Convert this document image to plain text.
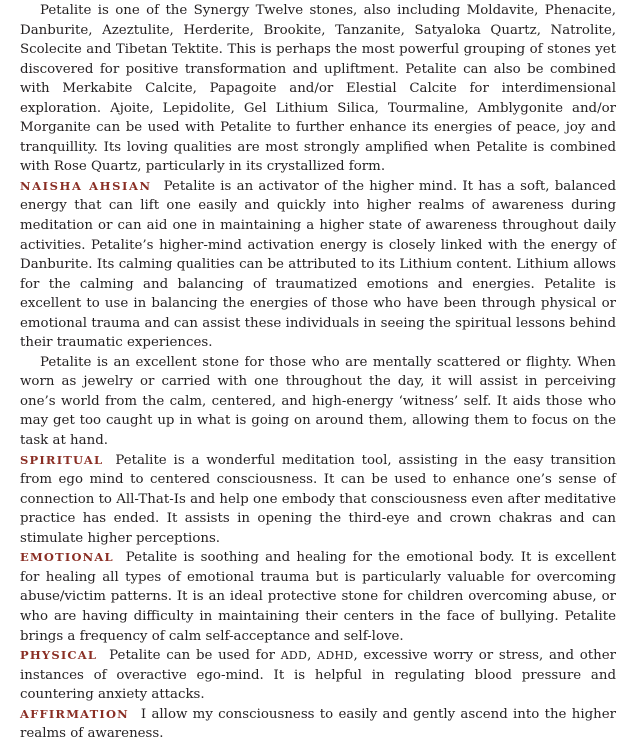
Petalite is one of the Synergy Twelve stones, also including Moldavite, Phenacite, Danburite, Azeztulite, Herderite, Brookite, Tanzanite, Satyaloka Quartz, Natrolite, Scolecite and Tibetan Tektite. This is perhaps the most powerful grouping of stones yet discovered for positive transformation and upliftment. Petalite can also be combined with Merkabite Calcite, Papagoite and/or Elestial Calcite for interdimensional exploration. Ajoite, Lepidolite, Gel Lithium Silica, Tourmaline, Amblygonite and/or Morganite can be used with Petalite to further enhance its energies of peace, joy and tranquillity. Its loving qualities are most strongly amplified when Petalite is combined with Rose Quartz, particularly in its crystallized form.

NAISHA AHSIAN Petalite is an activator of the higher mind. It has a soft, balanced energy that can lift one easily and quickly into higher realms of awareness during meditation or can aid one in maintaining a higher state of awareness throughout daily activities. Petalite’s higher-mind activation energy is closely linked with the energy of Danburite. Its calming qualities can be attributed to its Lithium content. Lithium allows for the calming and balancing of traumatized emotions and energies. Petalite is excellent to use in balancing the energies of those who have been through physical or emotional trauma and can assist these individuals in seeing the spiritual lessons behind their traumatic experiences.

Petalite is an excellent stone for those who are mentally scattered or flighty. When worn as jewelry or carried with one throughout the day, it will assist in perceiving one’s world from the calm, centered, and high-energy ‘witness’ self. It aids those who may get too caught up in what is going on around them, allowing them to focus on the task at hand.

SPIRITUAL Petalite is a wonderful meditation tool, assisting in the easy transition from ego mind to centered consciousness. It can be used to enhance one’s sense of connection to All-That-Is and help one embody that consciousness even after meditative practice has ended. It assists in opening the third-eye and crown chakras and can stimulate higher perceptions.

EMOTIONAL Petalite is soothing and healing for the emotional body. It is excellent for healing all types of emotional trauma but is particularly valuable for overcoming abuse/victim patterns. It is an ideal protective stone for children overcoming abuse, or who are having difficulty in maintaining their centers in the face of bullying. Petalite brings a frequency of calm self-acceptance and self-love.

PHYSICAL Petalite can be used for ADD, ADHD, excessive worry or stress, and other instances of overactive ego-mind. It is helpful in regulating blood pressure and countering anxiety attacks.

AFFIRMATION I allow my consciousness to easily and gently ascend into the higher realms of awareness.
